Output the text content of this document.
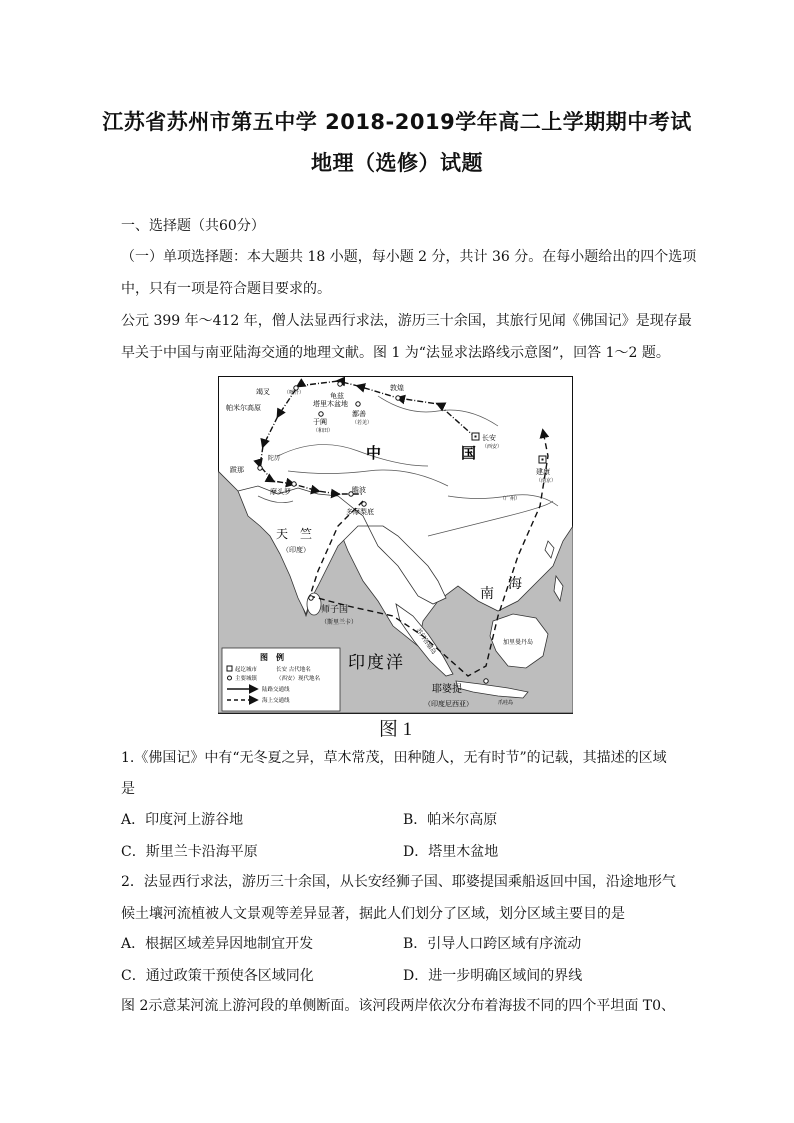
江苏省苏州市第五中学 2018-2019学年高二上学期期中考试
地理（选修）试题
一、选择题（共60分）
（一）单项选择题：本大题共 18 小题，每小题 2 分，共计 36 分。在每小题给出的四个选项
中，只有一项是符合题目要求的。
公元 399 年～412 年，僧人法显西行求法，游历三十余国，其旅行见闻《佛国记》是现存最
早关于中国与南亚陆海交通的地理文献。图 1 为“法显求法路线示意图”，回答 1～2 题。
敦煌
龟兹
竭叉	（喀什）
塔里木盆地
帕米尔高原
于阗
（和田）
鄯善
（若羌）
中	国
长安
（西安）
建康
（南京）
（广州）
陀历
跋那
摩头罗	瞻波
多摩梨底
天 竺
（印度）
师子国
（斯里兰卡）
南
海
加里曼丹岛
苏门答腊岛
印度洋
耶婆提
（印度尼西亚）	爪哇岛
图　例
起讫城市	长安 古代地名
主要城镇	（西安）现代地名
陆路交通线
海上交通线
图 1
1.《佛国记》中有“无冬夏之异，草木常茂，田种随人，无有时节”的记载，其描述的区域
是
A．印度河上游谷地	B．帕米尔高原
C．斯里兰卡沿海平原	D．塔里木盆地
2．法显西行求法，游历三十余国，从长安经狮子国、耶婆提国乘船返回中国，沿途地形气
候土壤河流植被人文景观等差异显著，据此人们划分了区域，划分区域主要目的是
A．根据区域差异因地制宜开发	B．引导人口跨区域有序流动
C．通过政策干预使各区域同化	D．进一步明确区域间的界线
图 2示意某河流上游河段的单侧断面。该河段两岸依次分布着海拔不同的四个平坦面 T0、
